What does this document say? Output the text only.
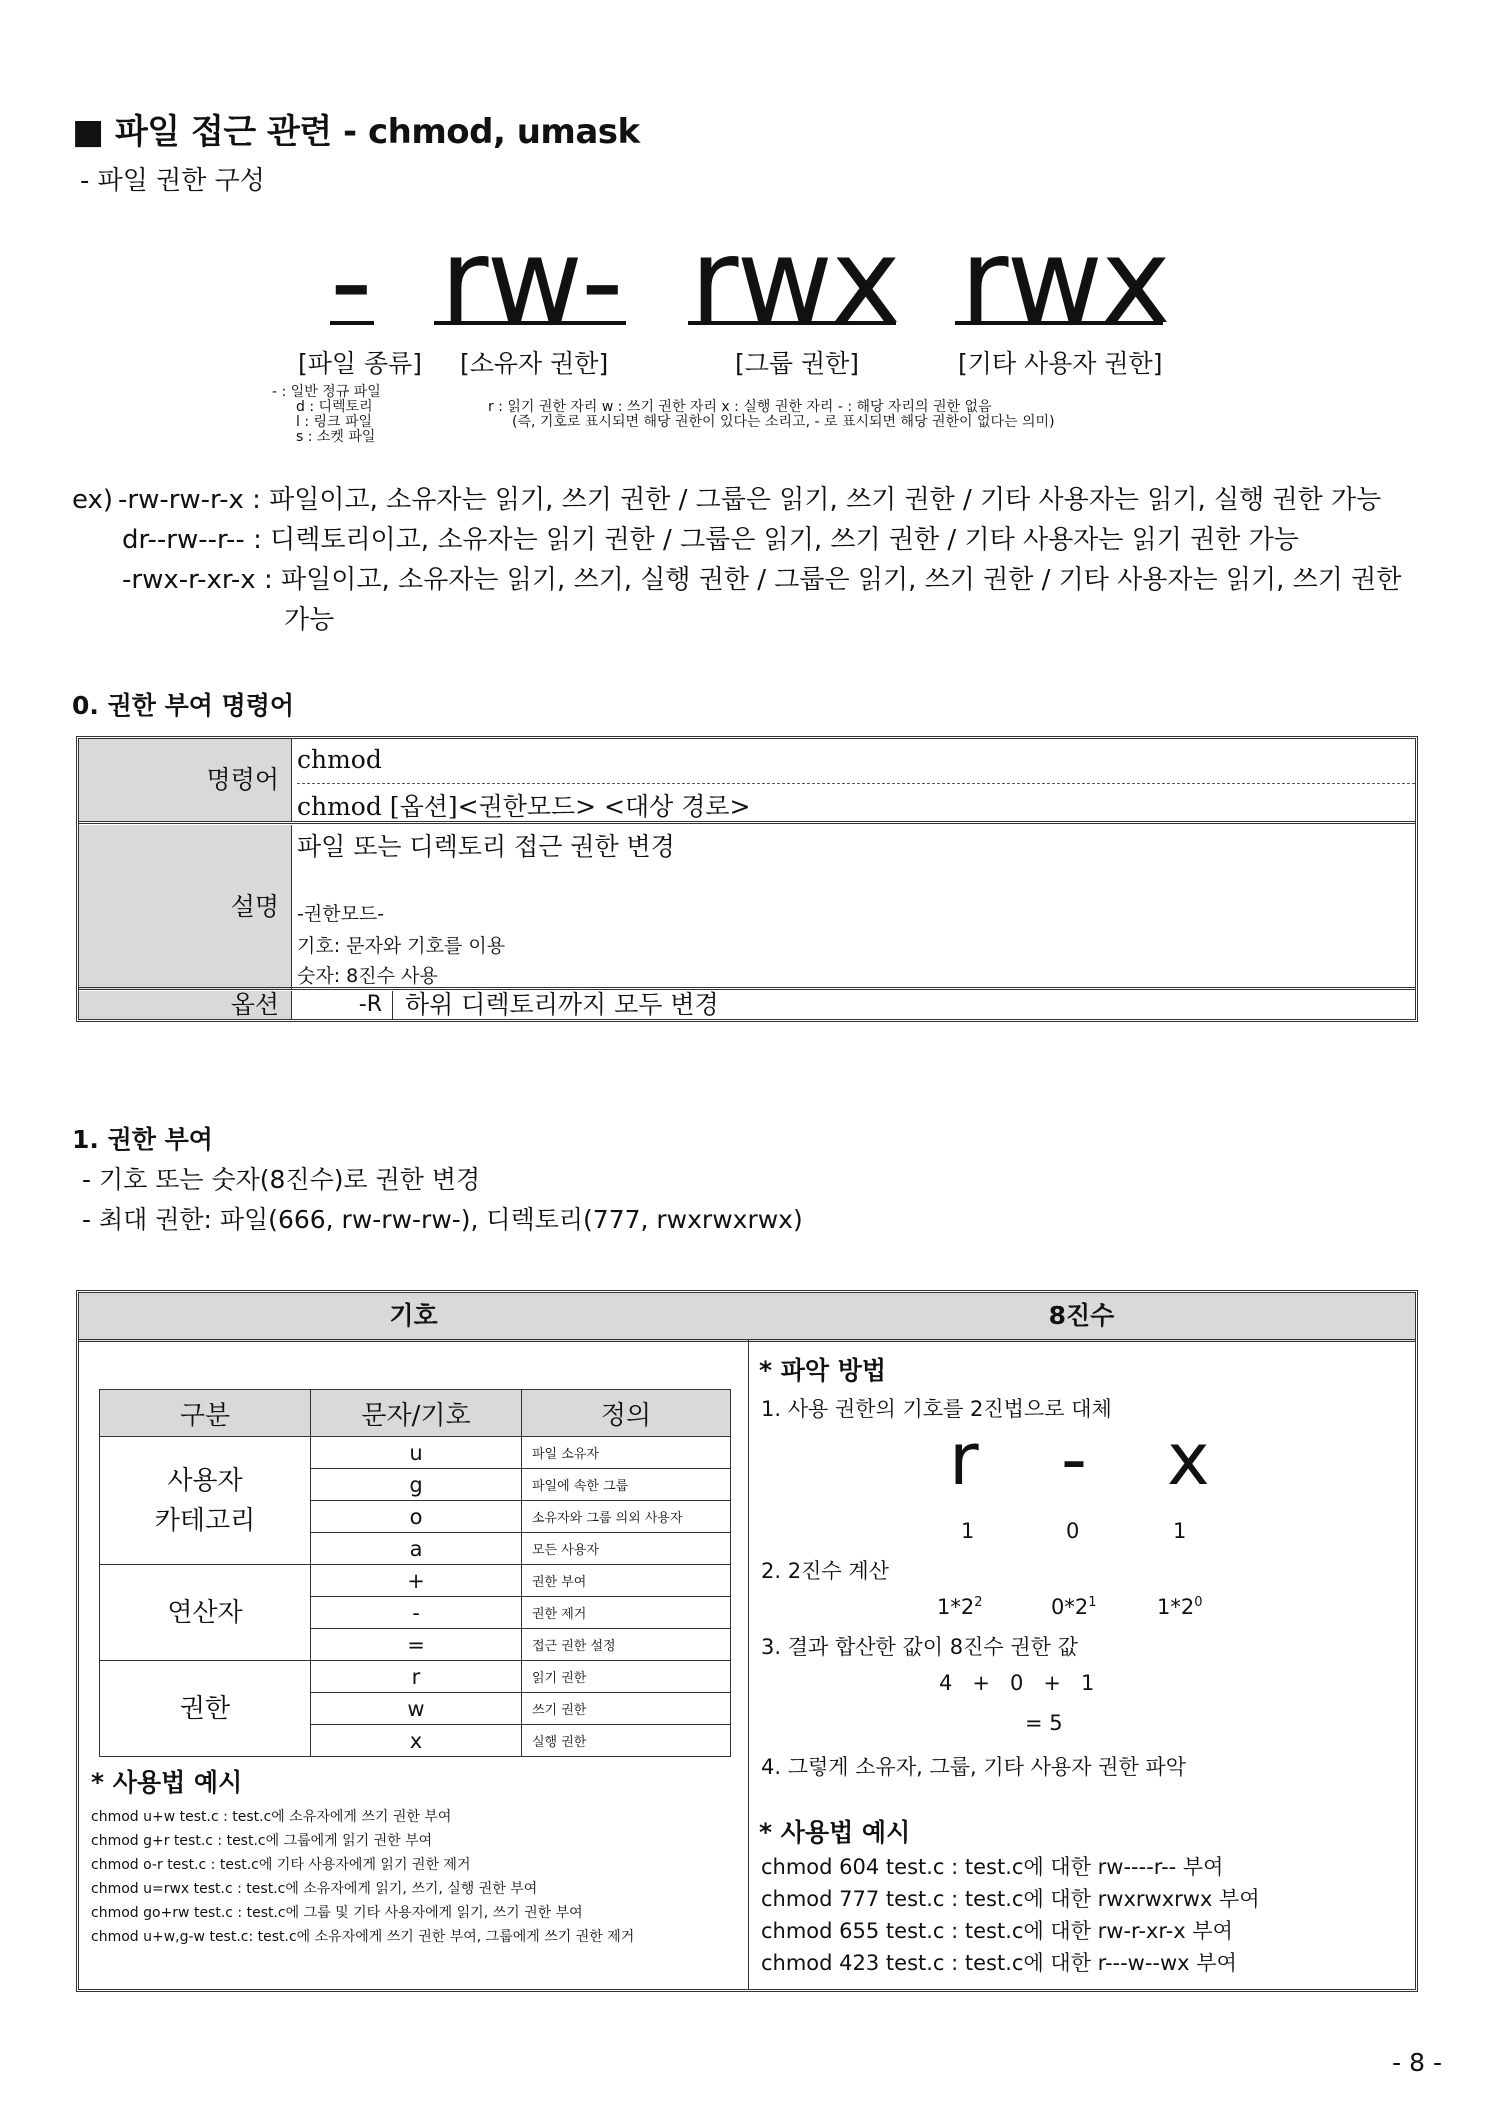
■ 파일 접근 관련 - chmod, umask
- 파일 권한 구성
- rw- rwx rwx
[파일 종류] [소유자 권한]	[그룹 권한]	[기타 사용자 권한]
- : 일반 정규 파일
d : 디렉토리
l : 링크 파일
s : 소켓 파일
r : 읽기 권한 자리 w : 쓰기 권한 자리 x : 실행 권한 자리 - : 해당 자리의 권한 없음
(즉, 기호로 표시되면 해당 권한이 있다는 소리고, - 로 표시되면 해당 권한이 없다는 의미)
ex) -rw-rw-r-x : 파일이고, 소유자는 읽기, 쓰기 권한 / 그룹은 읽기, 쓰기 권한 / 기타 사용자는 읽기, 실행 권한 가능
dr--rw--r-- : 디렉토리이고, 소유자는 읽기 권한 / 그룹은 읽기, 쓰기 권한 / 기타 사용자는 읽기 권한 가능
-rwx-r-xr-x : 파일이고, 소유자는 읽기, 쓰기, 실행 권한 / 그룹은 읽기, 쓰기 권한 / 기타 사용자는 읽기, 쓰기 권한
가능
0. 권한 부여 명령어
명령어
chmod
chmod [옵션]<권한모드> <대상 경로>
설명
파일 또는 디렉토리 접근 권한 변경
-권한모드-
기호: 문자와 기호를 이용
숫자: 8진수 사용
옵션	-R 하위 디렉토리까지 모두 변경
1. 권한 부여
- 기호 또는 숫자(8진수)로 권한 변경
- 최대 권한: 파일(666, rw-rw-rw-), 디렉토리(777, rwxrwxrwx)
기호	8진수
구분	문자/기호	정의

사용자
카테고리	u	파일 소유자
	g	파일에 속한 그룹
	o	소유자와 그룹 의외 사용자
	a	모든 사용자
연산자	+	권한 부여
	-	권한 제거
	=	접근 권한 설정
권한	r	읽기 권한
	w	쓰기 권한
	x	실행 권한
* 사용법 예시
chmod u+w test.c : test.c에 소유자에게 쓰기 권한 부여
chmod g+r test.c : test.c에 그룹에게 읽기 권한 부여
chmod o-r test.c : test.c에 기타 사용자에게 읽기 권한 제거
chmod u=rwx test.c : test.c에 소유자에게 읽기, 쓰기, 실행 권한 부여
chmod go+rw test.c : test.c에 그룹 및 기타 사용자에게 읽기, 쓰기 권한 부여
chmod u+w,g-w test.c: test.c에 소유자에게 쓰기 권한 부여, 그룹에게 쓰기 권한 제거
* 파악 방법
1. 사용 권한의 기호를 2진법으로 대체
r - x
1	0	1
2. 2진수 계산
$1*2^2$	$0*2^1$	$1*2^0$
3. 결과 합산한 값이 8진수 권한 값
4   +   0   +   1
= 5
4. 그렇게 소유자, 그룹, 기타 사용자 권한 파악
* 사용법 예시
chmod 604 test.c : test.c에 대한 rw----r-- 부여
chmod 777 test.c : test.c에 대한 rwxrwxrwx 부여
chmod 655 test.c : test.c에 대한 rw-r-xr-x 부여
chmod 423 test.c : test.c에 대한 r---w--wx 부여
- 8 -
